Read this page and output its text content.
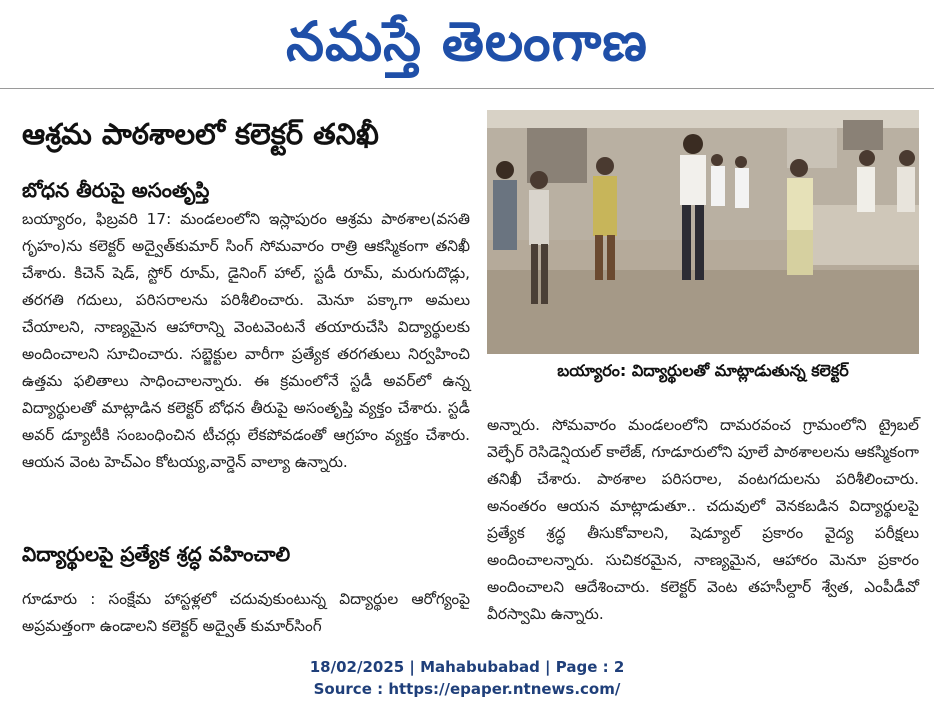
నమస్తే తెలంగాణ
ఆశ్రమ పాఠశాలలో కలెక్టర్ తనిఖీ
బోధన తీరుపై అసంతృప్తి

బయ్యారం, ఫిబ్రవరి 17: మండలంలోని ఇస్లాపురం ఆశ్రమ పాఠశాల(వసతి గృహం)ను కలెక్టర్ అద్వైత్‌కుమార్ సింగ్ సోమవారం రాత్రి ఆకస్మికంగా తనిఖీ చేశారు. కిచెన్ షెడ్, స్టోర్ రూమ్, డైనింగ్ హాల్, స్టడీ రూమ్, మరుగుదొడ్లు, తరగతి గదులు, పరిసరాలను పరిశీలించారు. మెనూ పక్కాగా అమలు చేయాలని, నాణ్యమైన ఆహారాన్ని వెంటవెంటనే తయారుచేసి విద్యార్థులకు అందించాలని సూచించారు. సబ్జెక్టుల వారీగా ప్రత్యేక తరగతులు నిర్వహించి ఉత్తమ ఫలితాలు సాధించాలన్నారు. ఈ క్రమంలోనే స్టడీ అవర్‌లో ఉన్న విద్యార్థులతో మాట్లాడిన కలెక్టర్ బోధన తీరుపై అసంతృప్తి వ్యక్తం చేశారు. స్టడీ అవర్ డ్యూటీకి సంబంధించిన టీచర్లు లేకపోవడంతో ఆగ్రహం వ్యక్తం చేశారు. ఆయన వెంట హెచ్‌ఎం కోటయ్య,వార్డెన్ వాల్యా ఉన్నారు.

విద్యార్థులపై ప్రత్యేక శ్రద్ధ వహించాలి

గూడూరు : సంక్షేమ హాస్టళ్లలో చదువుకుంటున్న విద్యార్థుల ఆరోగ్యంపై అప్రమత్తంగా ఉండాలని కలెక్టర్ అద్వైత్ కుమార్‌సింగ్

బయ్యారం: విద్యార్థులతో మాట్లాడుతున్న కలెక్టర్

అన్నారు. సోమవారం మండలంలోని దామరవంచ గ్రామంలోని ట్రైబల్ వెల్ఫేర్ రెసిడెన్షియల్ కాలేజ్, గూడూరులోని పూలే పాఠశాలలను ఆకస్మికంగా తనిఖీ చేశారు. పాఠశాల పరిసరాల, వంటగదులను పరిశీలించారు. అనంతరం ఆయన మాట్లాడుతూ.. చదువులో వెనకబడిన విద్యార్థులపై ప్రత్యేక శ్రద్ధ తీసుకోవాలని, షెడ్యూల్ ప్రకారం వైద్య పరీక్షలు అందించాలన్నారు. సుచికరమైన, నాణ్యమైన, ఆహారం మెనూ ప్రకారం అందించాలని ఆదేశించారు. కలెక్టర్ వెంట తహసీల్దార్ శ్వేత, ఎంపీడీవో వీరస్వామి ఉన్నారు.

18/02/2025 | Mahabubabad | Page : 2
Source : https://epaper.ntnews.com/
